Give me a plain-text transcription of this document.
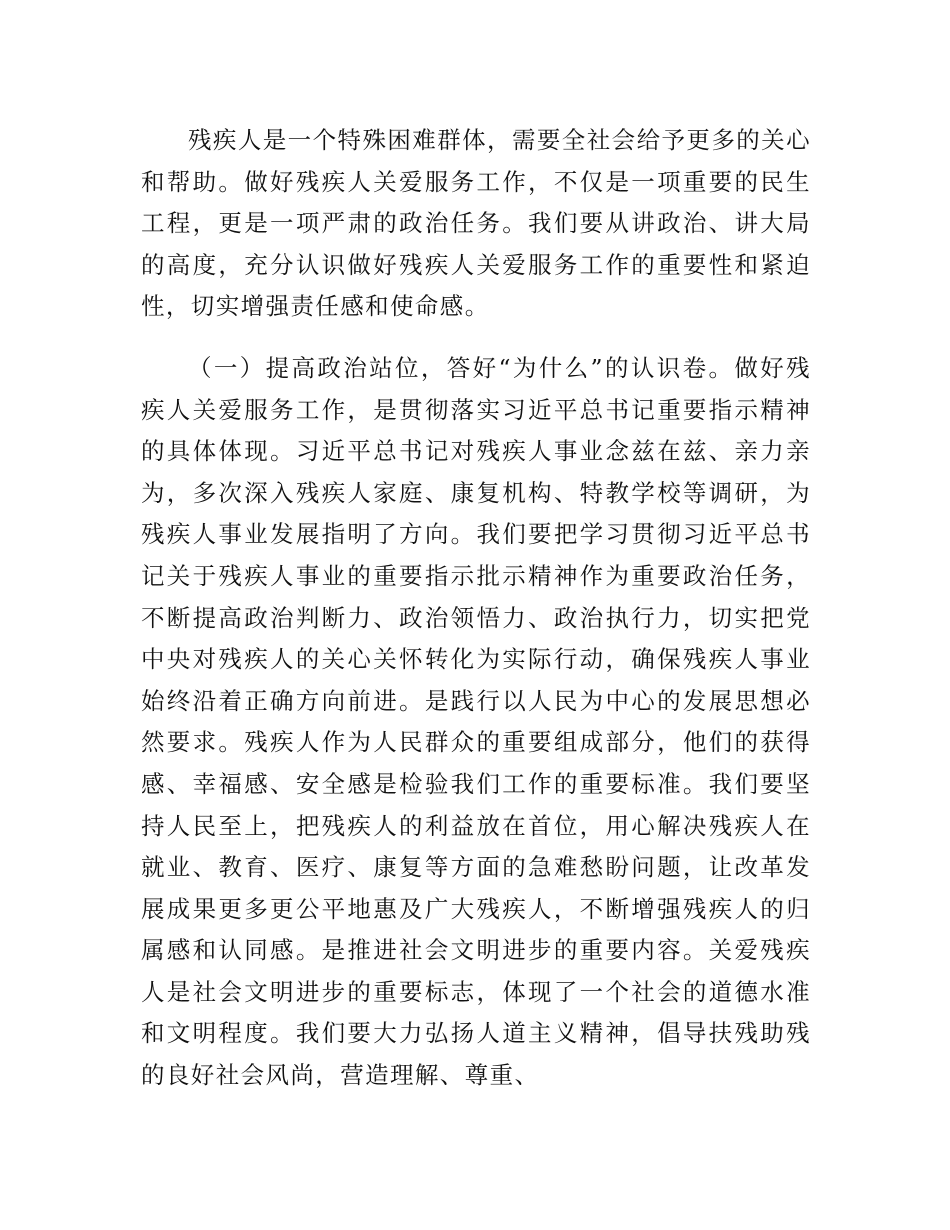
残疾人是一个特殊困难群体，需要全社会给予更多的关心和帮助。做好残疾人关爱服务工作，不仅是一项重要的民生工程，更是一项严肃的政治任务。我们要从讲政治、讲大局的高度，充分认识做好残疾人关爱服务工作的重要性和紧迫性，切实增强责任感和使命感。

（一）提高政治站位，答好“为什么”的认识卷。做好残疾人关爱服务工作，是贯彻落实习近平总书记重要指示精神的具体体现。习近平总书记对残疾人事业念兹在兹、亲力亲为，多次深入残疾人家庭、康复机构、特教学校等调研，为残疾人事业发展指明了方向。我们要把学习贯彻习近平总书记关于残疾人事业的重要指示批示精神作为重要政治任务，不断提高政治判断力、政治领悟力、政治执行力，切实把党中央对残疾人的关心关怀转化为实际行动，确保残疾人事业始终沿着正确方向前进。是践行以人民为中心的发展思想必然要求。残疾人作为人民群众的重要组成部分，他们的获得感、幸福感、安全感是检验我们工作的重要标准。我们要坚持人民至上，把残疾人的利益放在首位，用心解决残疾人在就业、教育、医疗、康复等方面的急难愁盼问题，让改革发展成果更多更公平地惠及广大残疾人，不断增强残疾人的归属感和认同感。是推进社会文明进步的重要内容。关爱残疾人是社会文明进步的重要标志，体现了一个社会的道德水准和文明程度。我们要大力弘扬人道主义精神，倡导扶残助残的良好社会风尚，营造理解、尊重、
